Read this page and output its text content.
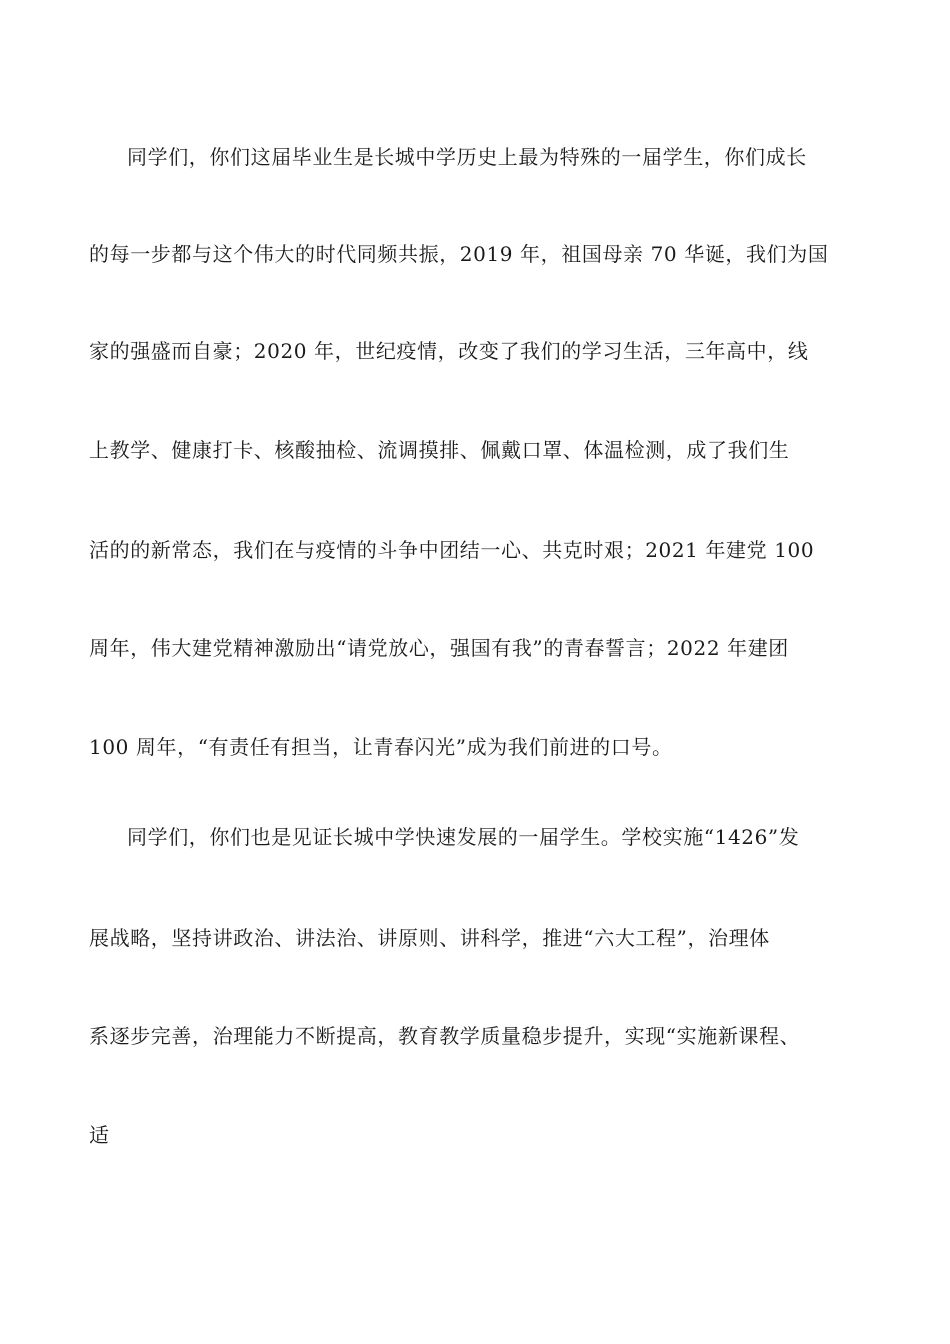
同学们，你们这届毕业生是长城中学历史上最为特殊的一届学生，你们成长
的每一步都与这个伟大的时代同频共振，2019 年，祖国母亲 70 华诞，我们为国
家的强盛而自豪；2020 年，世纪疫情，改变了我们的学习生活，三年高中，线
上教学、健康打卡、核酸抽检、流调摸排、佩戴口罩、体温检测，成了我们生
活的的新常态，我们在与疫情的斗争中团结一心、共克时艰；2021 年建党 100
周年，伟大建党精神激励出“请党放心，强国有我”的青春誓言；2022 年建团
100 周年，“有责任有担当，让青春闪光”成为我们前进的口号。
同学们，你们也是见证长城中学快速发展的一届学生。学校实施“1426”发
展战略，坚持讲政治、讲法治、讲原则、讲科学，推进“六大工程”，治理体
系逐步完善，治理能力不断提高，教育教学质量稳步提升，实现“实施新课程、
适
